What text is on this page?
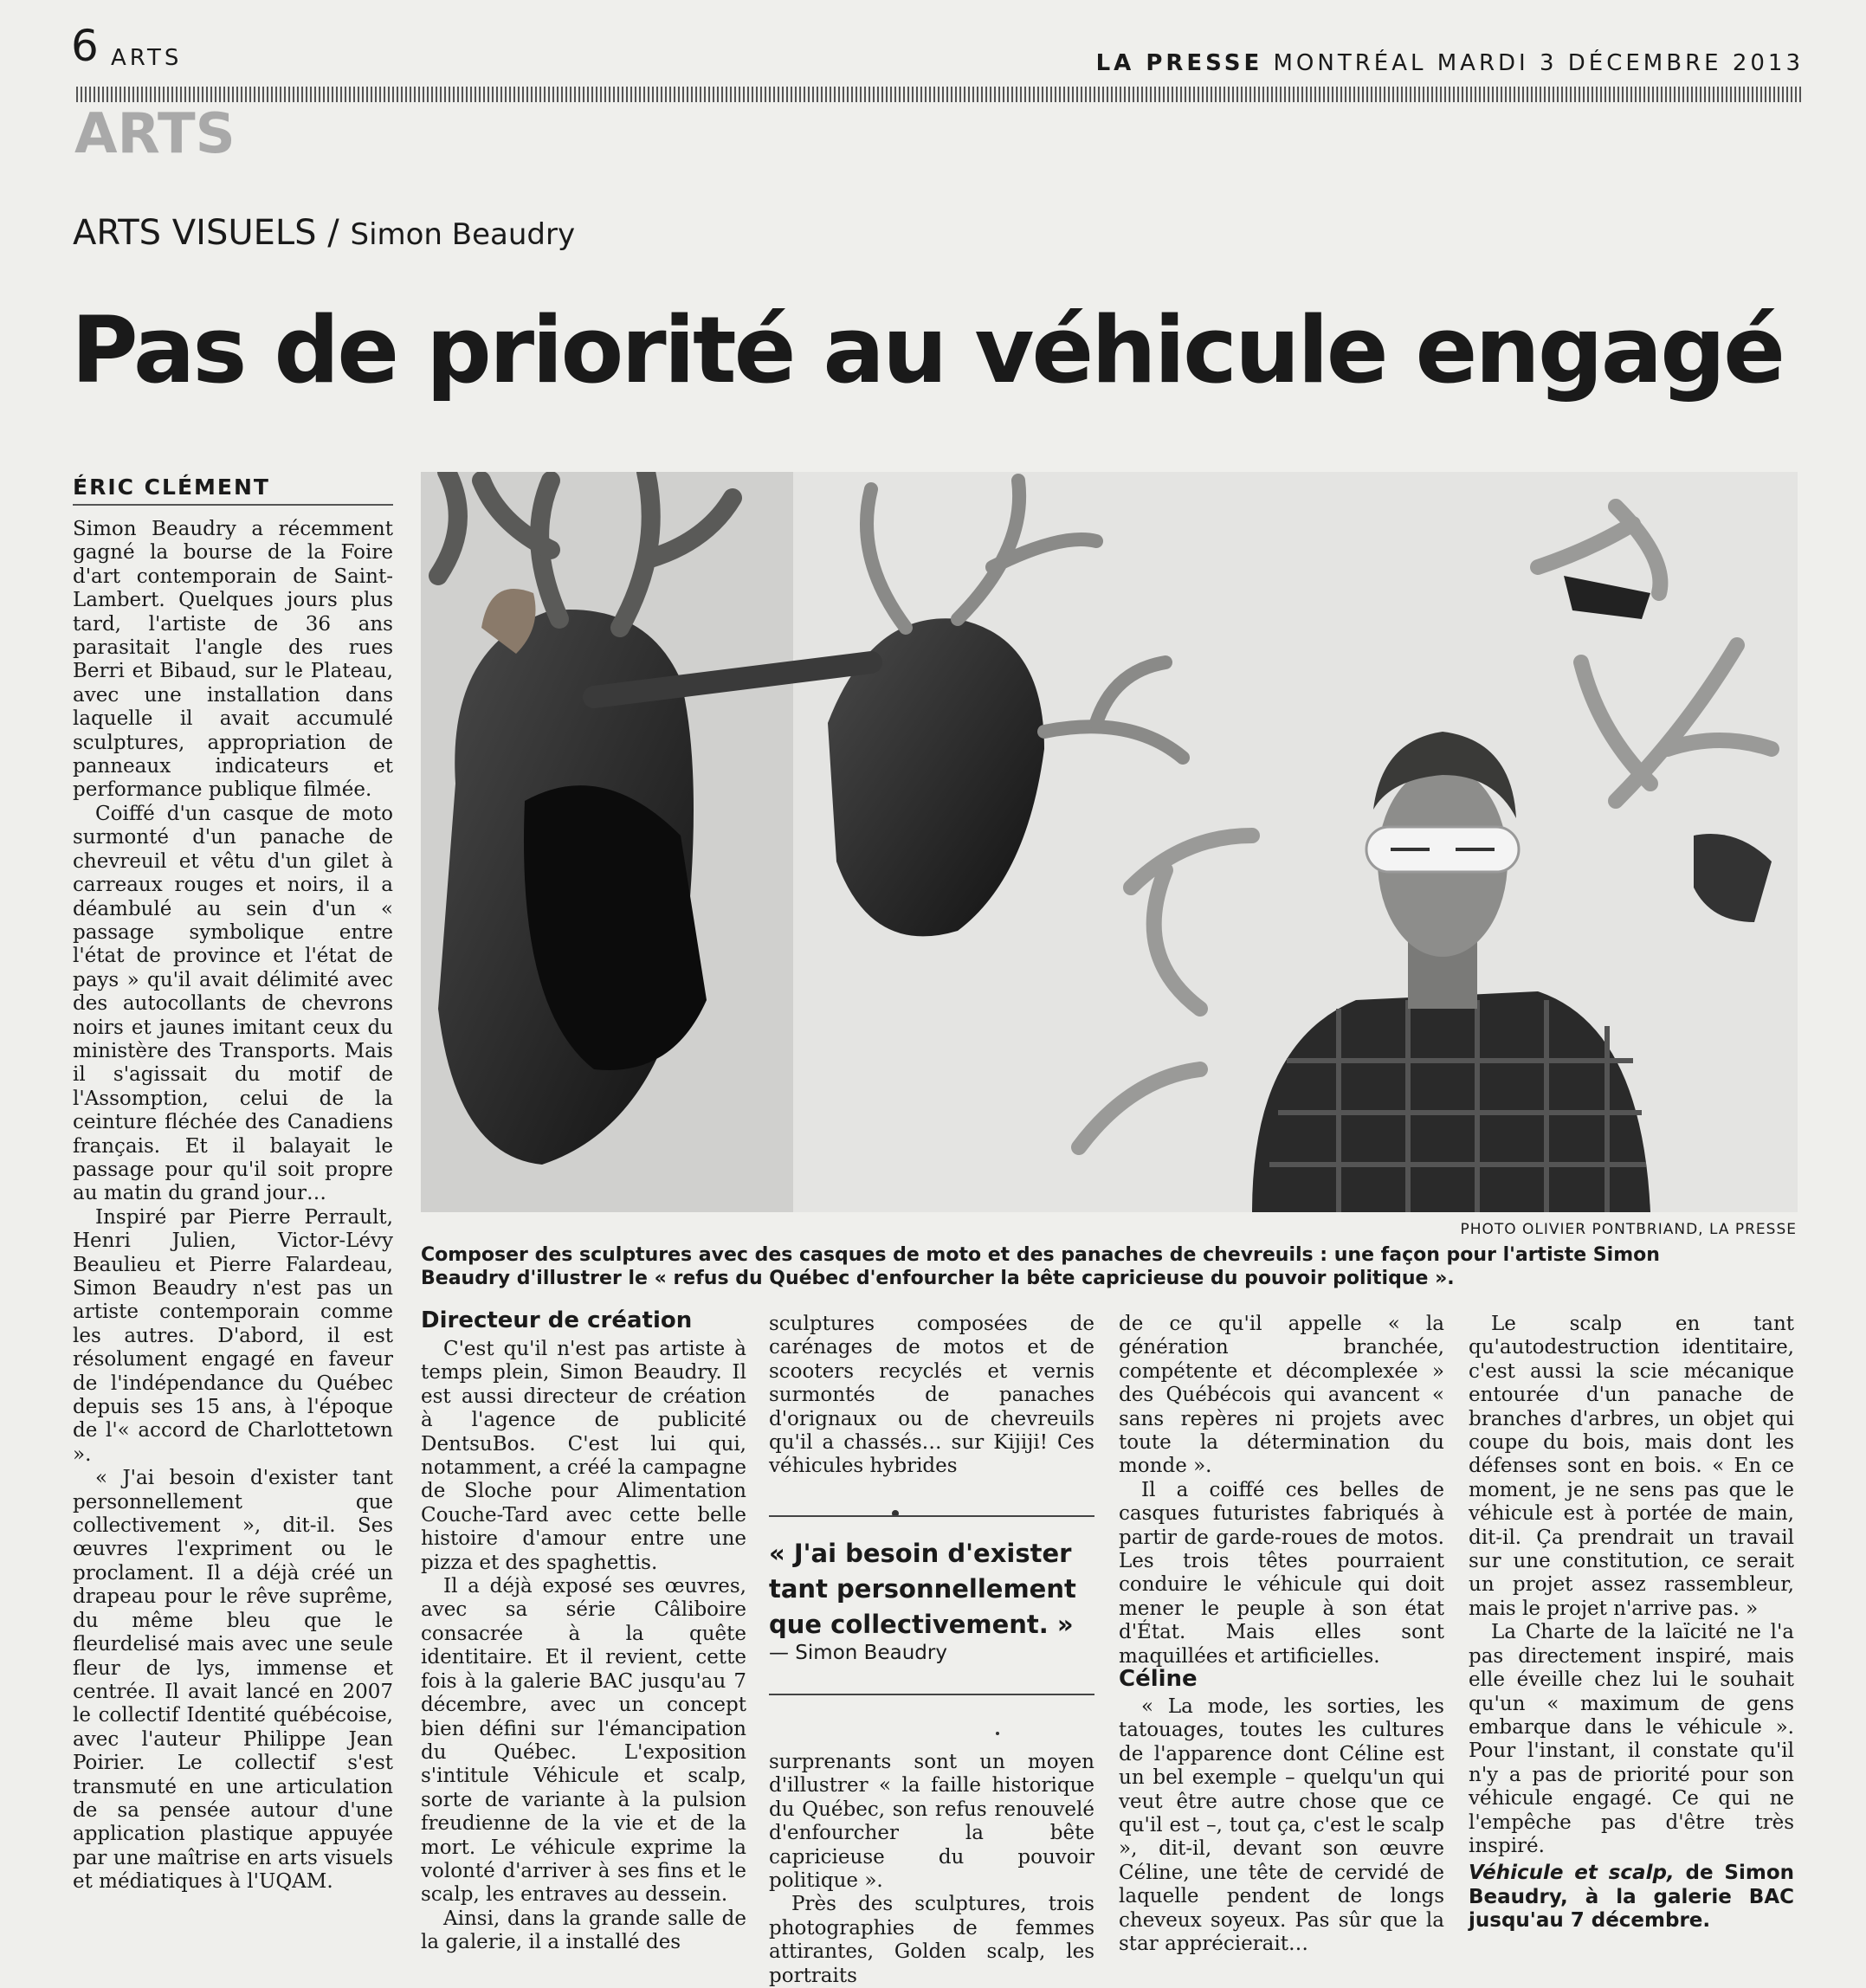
6 ARTS	LA PRESSE MONTRÉAL MARDI 3 DÉCEMBRE 2013
ARTS
ARTS VISUELS / Simon Beaudry
Pas de priorité au véhicule engagé
ÉRIC CLÉMENT

Simon Beaudry a récemment gagné la bourse de la Foire d'art contemporain de Saint-Lambert. Quelques jours plus tard, l'artiste de 36 ans parasitait l'angle des rues Berri et Bibaud, sur le Plateau, avec une installation dans laquelle il avait accumulé sculptures, appropriation de panneaux indicateurs et performance publique filmée.

Coiffé d'un casque de moto surmonté d'un panache de chevreuil et vêtu d'un gilet à carreaux rouges et noirs, il a déambulé au sein d'un « passage symbolique entre l'état de province et l'état de pays » qu'il avait délimité avec des autocollants de chevrons noirs et jaunes imitant ceux du ministère des Transports. Mais il s'agissait du motif de l'Assomption, celui de la ceinture fléchée des Canadiens français. Et il balayait le passage pour qu'il soit propre au matin du grand jour…

Inspiré par Pierre Perrault, Henri Julien, Victor-Lévy Beaulieu et Pierre Falardeau, Simon Beaudry n'est pas un artiste contemporain comme les autres. D'abord, il est résolument engagé en faveur de l'indépendance du Québec depuis ses 15 ans, à l'époque de l'« accord de Charlottetown ».

« J'ai besoin d'exister tant personnellement que collectivement », dit-il. Ses œuvres l'expriment ou le proclament. Il a déjà créé un drapeau pour le rêve suprême, du même bleu que le fleurdelisé mais avec une seule fleur de lys, immense et centrée. Il avait lancé en 2007 le collectif Identité québécoise, avec l'auteur Philippe Jean Poirier. Le collectif s'est transmuté en une articulation de sa pensée autour d'une application plastique appuyée par une maîtrise en arts visuels et médiatiques à l'UQAM.

PHOTO OLIVIER PONTBRIAND, LA PRESSE
Composer des sculptures avec des casques de moto et des panaches de chevreuils : une façon pour l'artiste Simon Beaudry d'illustrer le « refus du Québec d'enfourcher la bête capricieuse du pouvoir politique ».
Directeur de création

C'est qu'il n'est pas artiste à temps plein, Simon Beaudry. Il est aussi directeur de création à l'agence de publicité DentsuBos. C'est lui qui, notamment, a créé la campagne de Sloche pour Alimentation Couche-Tard avec cette belle histoire d'amour entre une pizza et des spaghettis.

Il a déjà exposé ses œuvres, avec sa série Câliboire consacrée à la quête identitaire. Et il revient, cette fois à la galerie BAC jusqu'au 7 décembre, avec un concept bien défini sur l'émancipation du Québec. L'exposition s'intitule Véhicule et scalp, sorte de variante à la pulsion freudienne de la vie et de la mort. Le véhicule exprime la volonté d'arriver à ses fins et le scalp, les entraves au dessein.

Ainsi, dans la grande salle de la galerie, il a installé des

sculptures composées de carénages de motos et de scooters recyclés et vernis surmontés de panaches d'orignaux ou de chevreuils qu'il a chassés… sur Kijiji! Ces véhicules hybrides

« J'ai besoin d'exister tant personnellement que collectivement. »
— Simon Beaudry

surprenants sont un moyen d'illustrer « la faille historique du Québec, son refus renouvelé d'enfourcher la bête capricieuse du pouvoir politique ».

Près des sculptures, trois photographies de femmes attirantes, Golden scalp, les portraits

de ce qu'il appelle « la génération branchée, compétente et décomplexée » des Québécois qui avancent « sans repères ni projets avec toute la détermination du monde ».

Il a coiffé ces belles de casques futuristes fabriqués à partir de garde-roues de motos. Les trois têtes pourraient conduire le véhicule qui doit mener le peuple à son état d'État. Mais elles sont maquillées et artificielles.

Céline

« La mode, les sorties, les tatouages, toutes les cultures de l'apparence dont Céline est un bel exemple – quelqu'un qui veut être autre chose que ce qu'il est –, tout ça, c'est le scalp », dit-il, devant son œuvre Céline, une tête de cervidé de laquelle pendent de longs cheveux soyeux. Pas sûr que la star apprécierait…

Le scalp en tant qu'autodestruction identitaire, c'est aussi la scie mécanique entourée d'un panache de branches d'arbres, un objet qui coupe du bois, mais dont les défenses sont en bois. « En ce moment, je ne sens pas que le véhicule est à portée de main, dit-il. Ça prendrait un travail sur une constitution, ce serait un projet assez rassembleur, mais le projet n'arrive pas. »

La Charte de la laïcité ne l'a pas directement inspiré, mais elle éveille chez lui le souhait qu'un « maximum de gens embarque dans le véhicule ». Pour l'instant, il constate qu'il n'y a pas de priorité pour son véhicule engagé. Ce qui ne l'empêche pas d'être très inspiré.

Véhicule et scalp, de Simon Beaudry, à la galerie BAC jusqu'au 7 décembre.
